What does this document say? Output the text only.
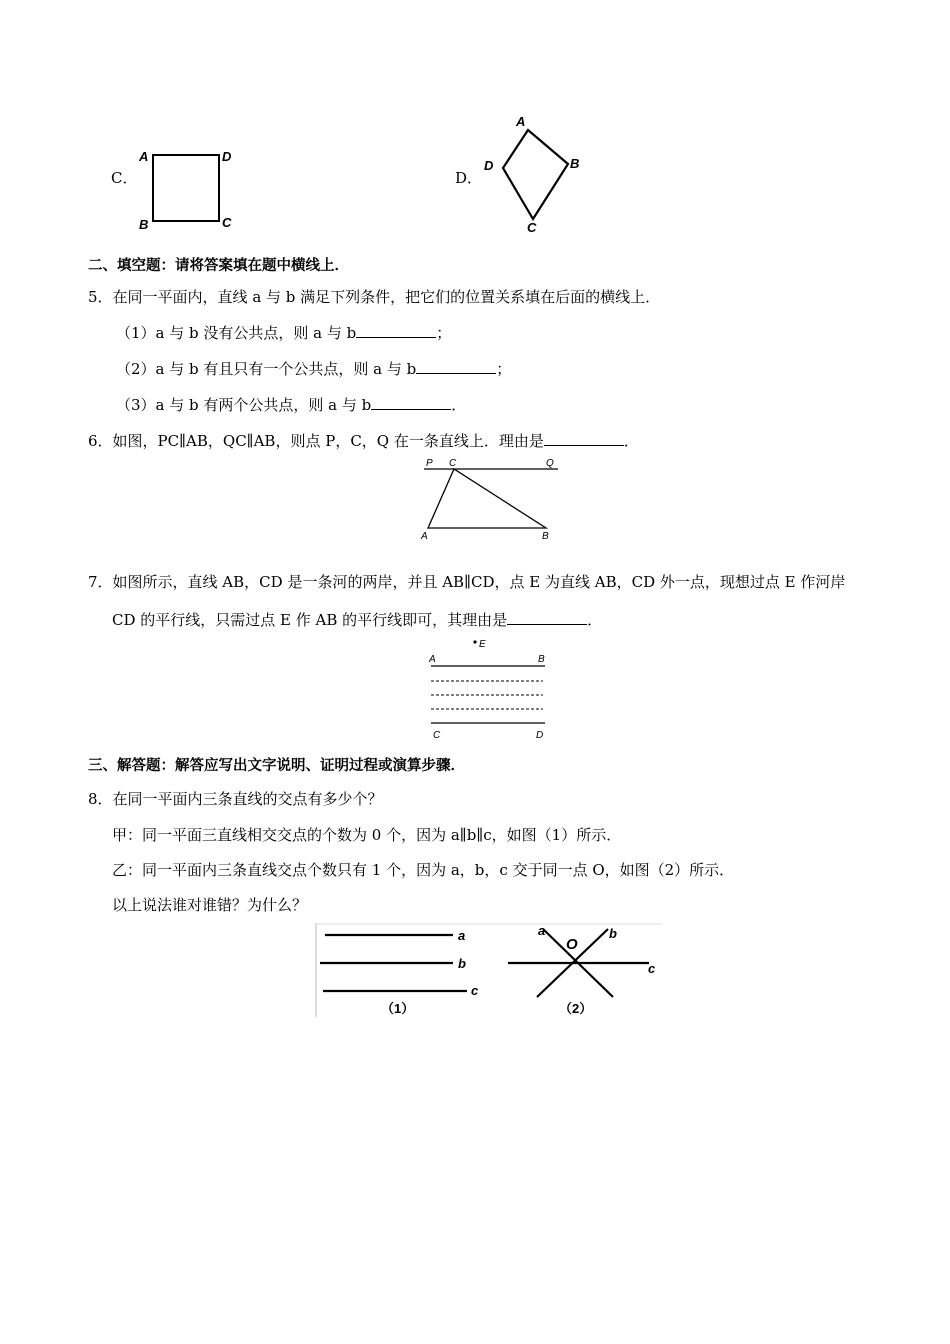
C．
A	D
B	C
D．
A
D	B
C
二、填空题：请将答案填在题中横线上．
5．在同一平面内，直线 a 与 b 满足下列条件，把它们的位置关系填在后面的横线上．
（1）a 与 b 没有公共点，则 a 与 b	；
（2）a 与 b 有且只有一个公共点，则 a 与 b	；
（3）a 与 b 有两个公共点，则 a 与 b	．
6．如图，PC∥AB，QC∥AB，则点 P，C，Q 在一条直线上．理由是	．
P C	Q
A	B
7．如图所示，直线 AB，CD 是一条河的两岸，并且 AB∥CD，点 E 为直线 AB，CD 外一点，现想过点 E 作河岸
CD 的平行线，只需过点 E 作 AB 的平行线即可，其理由是	．
E
A	B
C	D
三、解答题：解答应写出文字说明、证明过程或演算步骤．
8．在同一平面内三条直线的交点有多少个？
甲：同一平面三直线相交交点的个数为 0 个，因为 a∥b∥c，如图（1）所示．
乙：同一平面内三条直线交点个数只有 1 个，因为 a，b，c 交于同一点 O，如图（2）所示．
以上说法谁对谁错？为什么？
a
b
c
（1）
a
O
b
c
（2）
